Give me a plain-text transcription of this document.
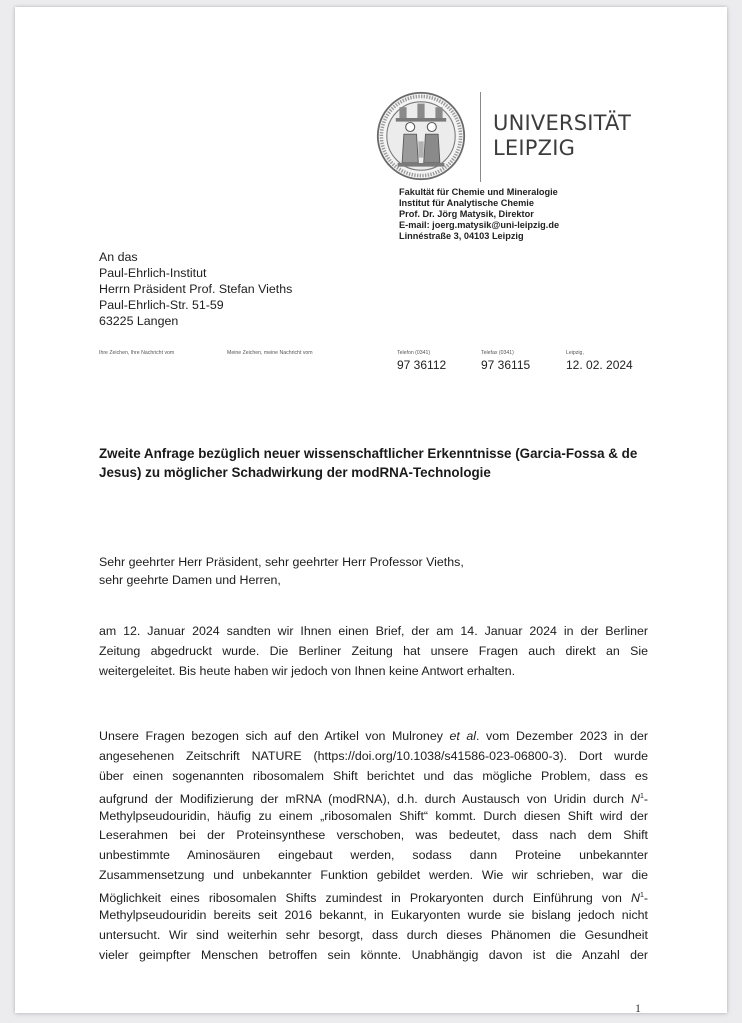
UNIVERSITÄT
LEIPZIG
Fakultät für Chemie und Mineralogie
Institut für Analytische Chemie
Prof. Dr. Jörg Matysik, Direktor
E-mail: joerg.matysik@uni-leipzig.de
Linnéstraße 3, 04103 Leipzig
An das
Paul-Ehrlich-Institut
Herrn Präsident Prof. Stefan Vieths
Paul-Ehrlich-Str. 51-59
63225 Langen
Ihre Zeichen, Ihre Nachricht vom	Meine Zeichen, meine Nachricht vom	Telefon (0341)
97 36112
Telefax (0341)
97 36115
Leipzig,
12. 02. 2024
Zweite Anfrage bezüglich neuer wissenschaftlicher Erkenntnisse (Garcia-Fossa & de Jesus) zu möglicher Schadwirkung der modRNA-Technologie
Sehr geehrter Herr Präsident, sehr geehrter Herr Professor Vieths,
sehr geehrte Damen und Herren,
am 12. Januar 2024 sandten wir Ihnen einen Brief, der am 14. Januar 2024 in der Berliner
Zeitung abgedruckt wurde. Die Berliner Zeitung hat unsere Fragen auch direkt an Sie
weitergeleitet. Bis heute haben wir jedoch von Ihnen keine Antwort erhalten.
Unsere Fragen bezogen sich auf den Artikel von Mulroney et al. vom Dezember 2023 in der
angesehenen Zeitschrift NATURE (https://doi.org/10.1038/s41586-023-06800-3). Dort wurde
über einen sogenannten ribosomalem Shift berichtet und das mögliche Problem, dass es
aufgrund der Modifizierung der mRNA (modRNA), d.h. durch Austausch von Uridin durch $N^1-$
Methylpseudouridin, häufig zu einem „ribosomalen Shift“ kommt. Durch diesen Shift wird der
Leserahmen bei der Proteinsynthese verschoben, was bedeutet, dass nach dem Shift
unbestimmte Aminosäuren eingebaut werden, sodass dann Proteine unbekannter
Zusammensetzung und unbekannter Funktion gebildet werden. Wie wir schrieben, war die
Möglichkeit eines ribosomalen Shifts zumindest in Prokaryonten durch Einführung von $N^1-$
Methylpseudouridin bereits seit 2016 bekannt, in Eukaryonten wurde sie bislang jedoch nicht
untersucht. Wir sind weiterhin sehr besorgt, dass durch dieses Phänomen die Gesundheit
vieler geimpfter Menschen betroffen sein könnte. Unabhängig davon ist die Anzahl der
1
